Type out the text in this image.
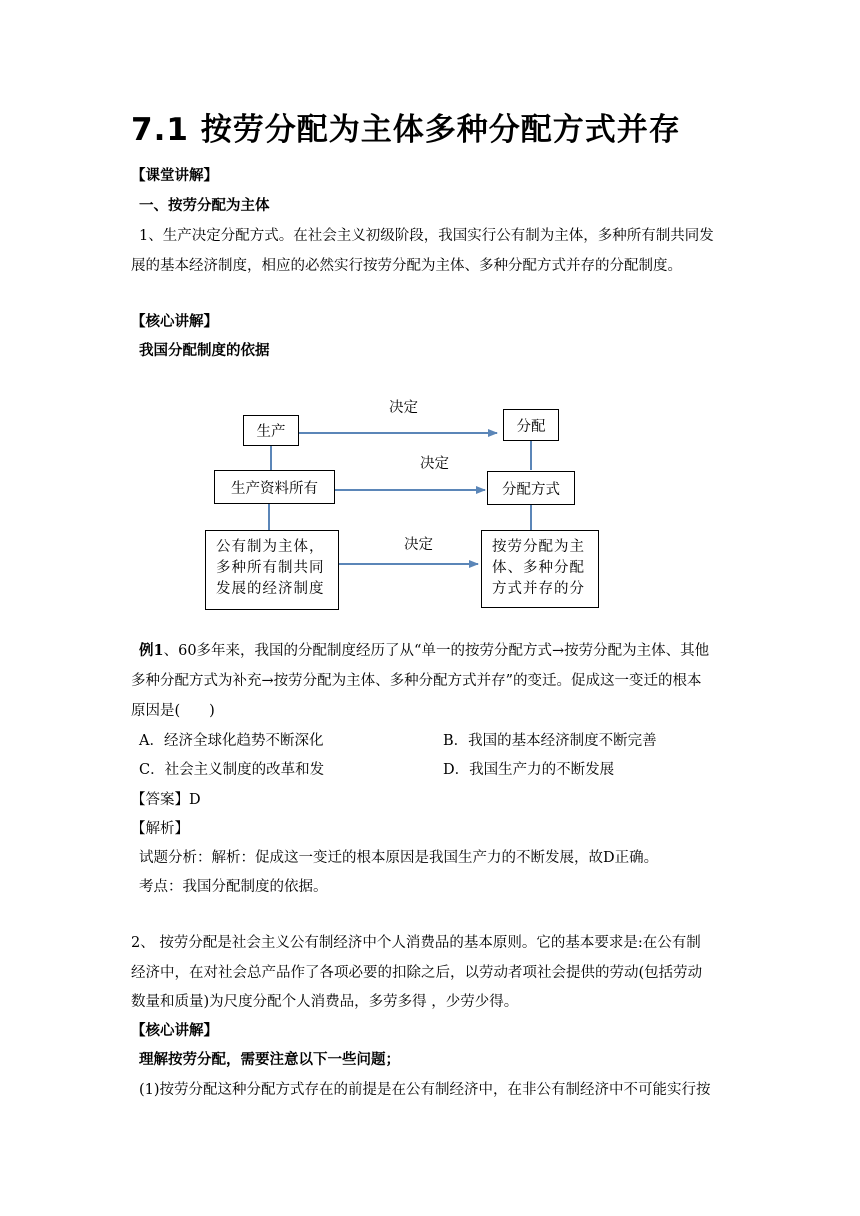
7.1 按劳分配为主体多种分配方式并存
【课堂讲解】
一、按劳分配为主体
1、生产决定分配方式。在社会主义初级阶段，我国实行公有制为主体，多种所有制共同发
展的基本经济制度，相应的必然实行按劳分配为主体、多种分配方式并存的分配制度。
【核心讲解】
我国分配制度的依据
生产	分配
生产资料所有	分配方式
公有制为主体，多种所有制共同发展的经济制度
按劳分配为主体、多种分配方式并存的分
决定
决定
决定
例1、60多年来，我国的分配制度经历了从“单一的按劳分配方式→按劳分配为主体、其他
多种分配方式为补充→按劳分配为主体、多种分配方式并存”的变迁。促成这一变迁的根本
原因是(　　)
A．经济全球化趋势不断深化	B．我国的基本经济制度不断完善
C．社会主义制度的改革和发	D．我国生产力的不断发展
【答案】D
【解析】
试题分析：解析：促成这一变迁的根本原因是我国生产力的不断发展，故D正确。
考点：我国分配制度的依据。
2、 按劳分配是社会主义公有制经济中个人消费品的基本原则。它的基本要求是:在公有制
经济中，在对社会总产品作了各项必要的扣除之后，以劳动者项社会提供的劳动(包括劳动
数量和质量)为尺度分配个人消费品，多劳多得 ，少劳少得。
【核心讲解】
理解按劳分配，需要注意以下一些问题；
(1)按劳分配这种分配方式存在的前提是在公有制经济中，在非公有制经济中不可能实行按
